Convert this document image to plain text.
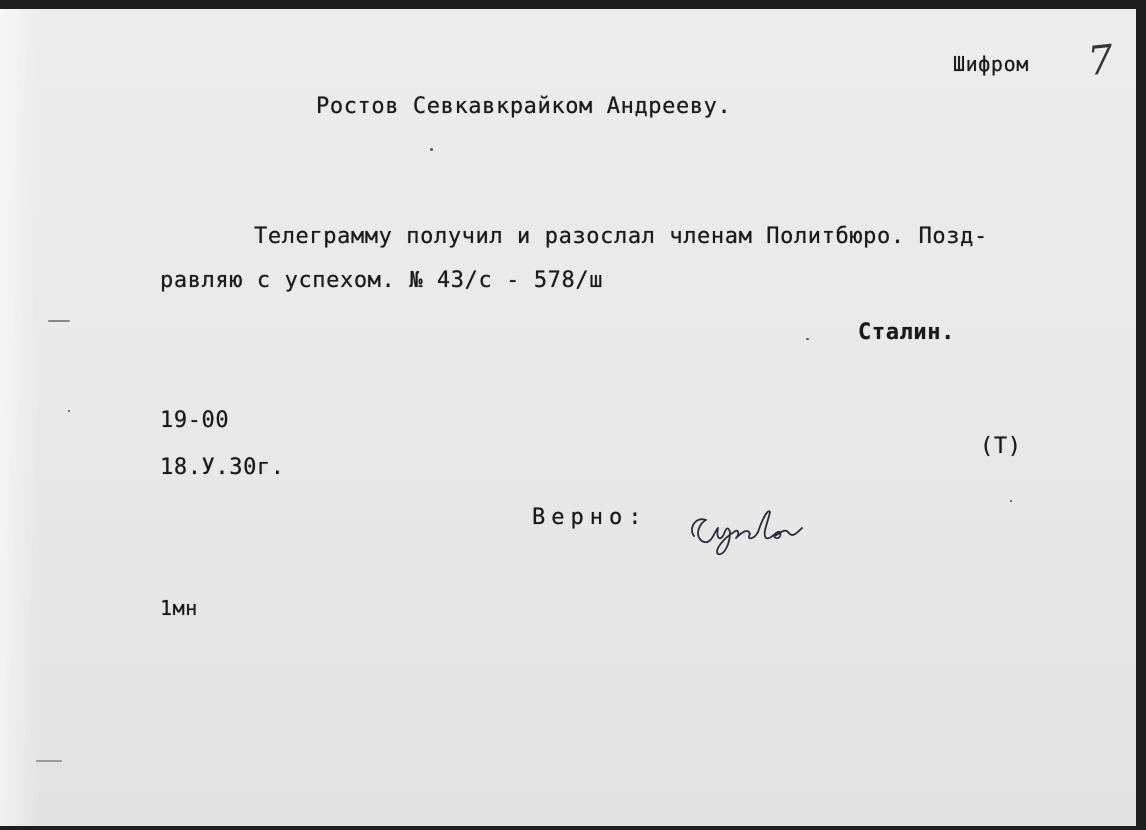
Шифром 7
Ростов Севкавкрайком Андрееву.
Телеграмму получил и разослал членам Политбюро. Позд-
равляю с успехом. № 43/с - 578/ш
Сталин.
19-00
18.У.30г.
(Т)
Верно:
1мн
